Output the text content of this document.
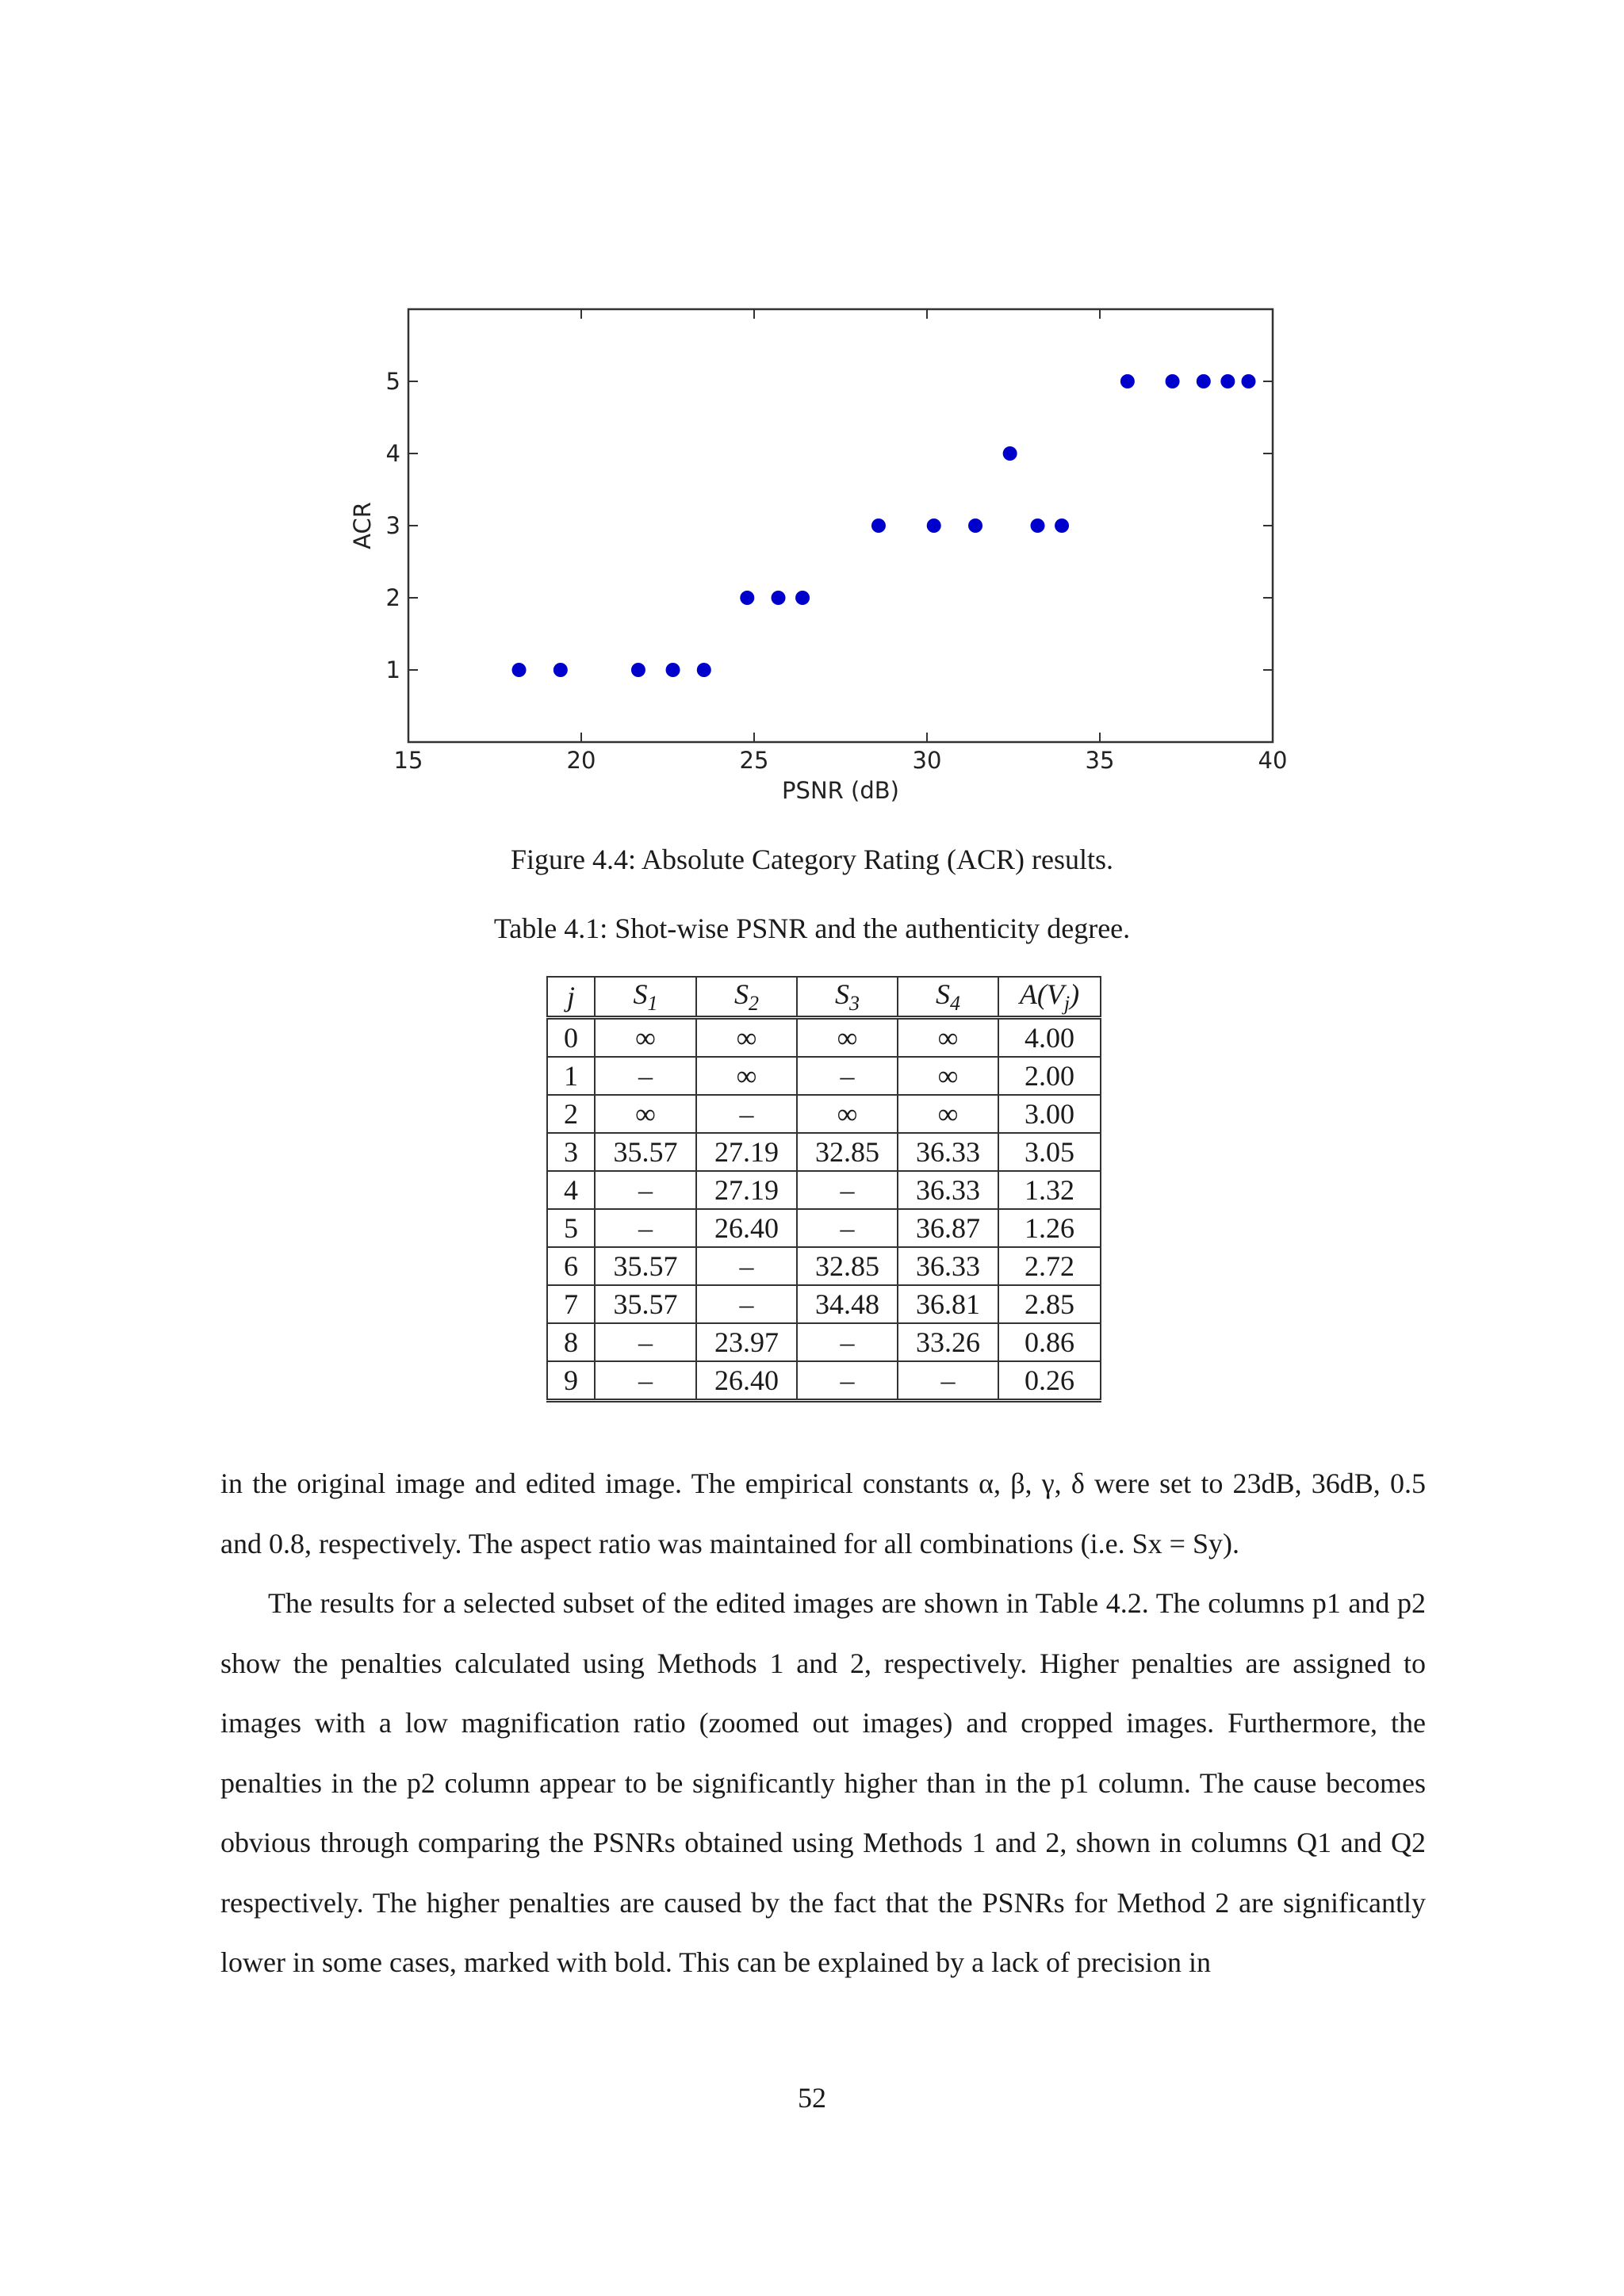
1
2
3
4
5
15	20	25	30	35	40
PSNR (dB)
ACR
Figure 4.4: Absolute Category Rating (ACR) results.
Table 4.1: Shot-wise PSNR and the authenticity degree.
j	$S_1$	$S_2$	$S_3$	$S_4$	$A(V_j)$
0	∞	∞	∞	∞	4.00
1	–	∞	–	∞	2.00
2	∞	–	∞	∞	3.00
3	35.57	27.19	32.85	36.33	3.05
4	–	27.19	–	36.33	1.32
5	–	26.40	–	36.87	1.26
6	35.57	–	32.85	36.33	2.72
7	35.57	–	34.48	36.81	2.85
8	–	23.97	–	33.26	0.86
9	–	26.40	–	–	0.26

in the original image and edited image. The empirical constants α, β, γ, δ were set to 23dB, 36dB, 0.5 and 0.8, respectively. The aspect ratio was maintained for all combinations (i.e. Sx = Sy).

The results for a selected subset of the edited images are shown in Table 4.2. The columns p1 and p2 show the penalties calculated using Methods 1 and 2, respectively. Higher penalties are assigned to images with a low magnification ratio (zoomed out images) and cropped images. Furthermore, the penalties in the p2 column appear to be significantly higher than in the p1 column. The cause becomes obvious through comparing the PSNRs obtained using Methods 1 and 2, shown in columns Q1 and Q2 respectively. The higher penalties are caused by the fact that the PSNRs for Method 2 are significantly lower in some cases, marked with bold. This can be explained by a lack of precision in

52
